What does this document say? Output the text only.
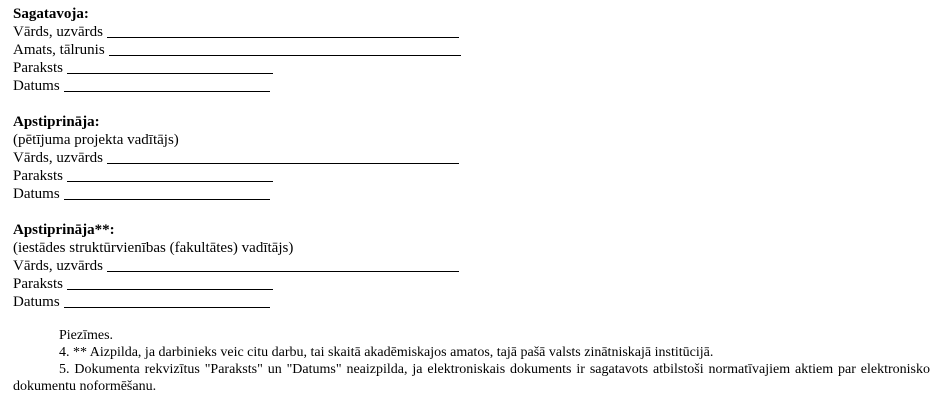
Sagatavoja:
Vārds, uzvārds
Amats, tālrunis
Paraksts
Datums
Apstiprināja:
(pētījuma projekta vadītājs)
Vārds, uzvārds
Paraksts
Datums
Apstiprināja**:
(iestādes struktūrvienības (fakultātes) vadītājs)
Vārds, uzvārds
Paraksts
Datums
Piezīmes.
4. ** Aizpilda, ja darbinieks veic citu darbu, tai skaitā akadēmiskajos amatos, tajā pašā valsts zinātniskajā institūcijā.
5. Dokumenta rekvizītus "Paraksts" un "Datums" neaizpilda, ja elektroniskais dokuments ir sagatavots atbilstoši normatīvajiem aktiem par elektronisko dokumentu noformēšanu.
